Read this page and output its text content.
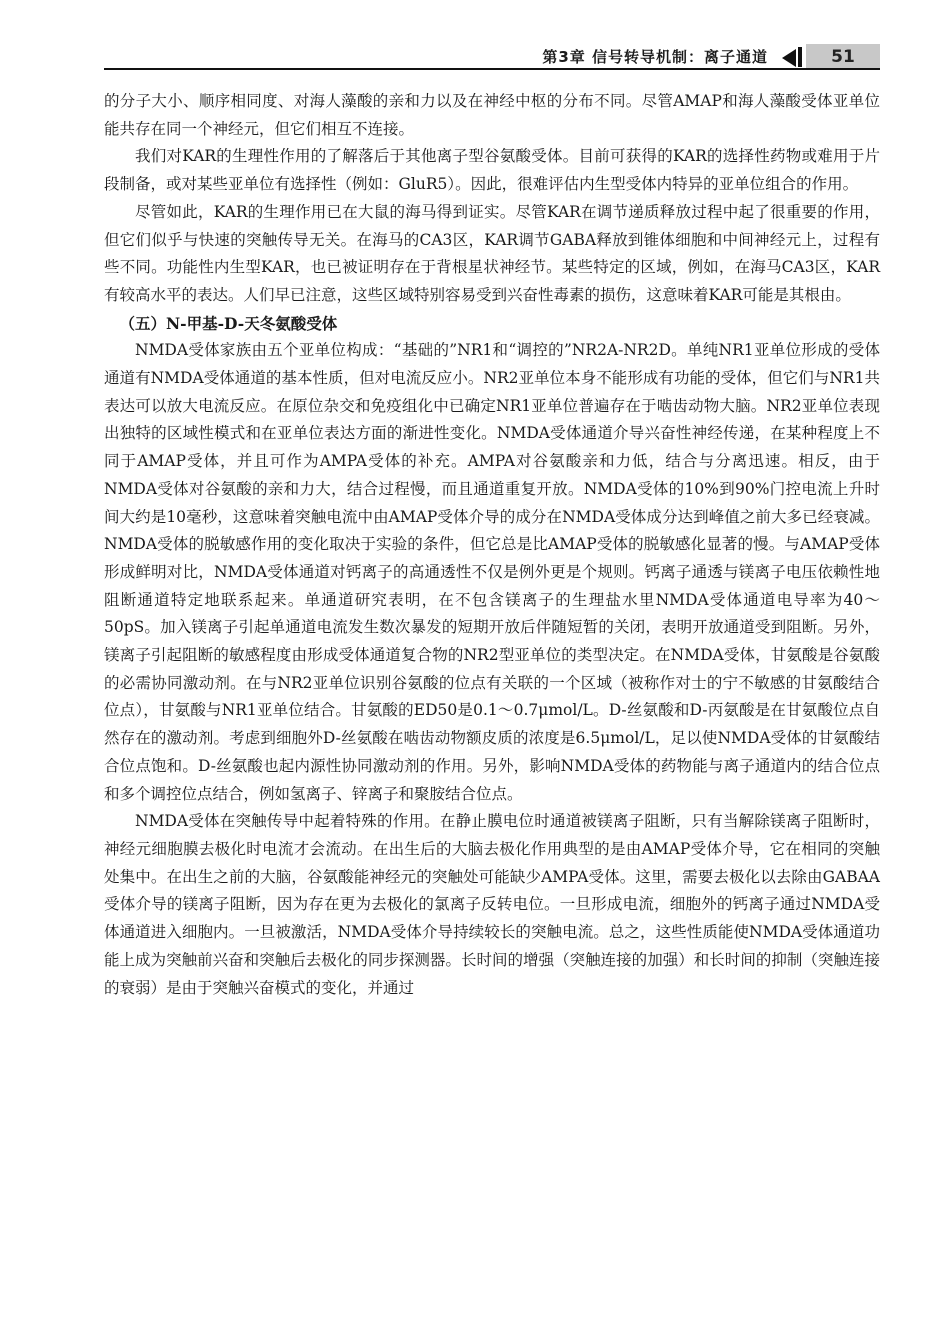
第3章 信号转导机制：离子通道	51

的分子大小、顺序相同度、对海人藻酸的亲和力以及在神经中枢的分布不同。尽管AMAP和海人藻酸受体亚单位能共存在同一个神经元，但它们相互不连接。

我们对KAR的生理性作用的了解落后于其他离子型谷氨酸受体。目前可获得的KAR的选择性药物或难用于片段制备，或对某些亚单位有选择性（例如：GluR5）。因此，很难评估内生型受体内特异的亚单位组合的作用。

尽管如此，KAR的生理作用已在大鼠的海马得到证实。尽管KAR在调节递质释放过程中起了很重要的作用，但它们似乎与快速的突触传导无关。在海马的CA3区，KAR调节GABA释放到锥体细胞和中间神经元上，过程有些不同。功能性内生型KAR，也已被证明存在于背根星状神经节。某些特定的区域，例如，在海马CA3区，KAR有较高水平的表达。人们早已注意，这些区域特别容易受到兴奋性毒素的损伤，这意味着KAR可能是其根由。

（五）N-甲基-D-天冬氨酸受体

NMDA受体家族由五个亚单位构成：“基础的”NR1和“调控的”NR2A-NR2D。单纯NR1亚单位形成的受体通道有NMDA受体通道的基本性质，但对电流反应小。NR2亚单位本身不能形成有功能的受体，但它们与NR1共表达可以放大电流反应。在原位杂交和免疫组化中已确定NR1亚单位普遍存在于啮齿动物大脑。NR2亚单位表现出独特的区域性模式和在亚单位表达方面的渐进性变化。NMDA受体通道介导兴奋性神经传递，在某种程度上不同于AMAP受体，并且可作为AMPA受体的补充。AMPA对谷氨酸亲和力低，结合与分离迅速。相反，由于NMDA受体对谷氨酸的亲和力大，结合过程慢，而且通道重复开放。NMDA受体的10%到90%门控电流上升时间大约是10毫秒，这意味着突触电流中由AMAP受体介导的成分在NMDA受体成分达到峰值之前大多已经衰减。NMDA受体的脱敏感作用的变化取决于实验的条件，但它总是比AMAP受体的脱敏感化显著的慢。与AMAP受体形成鲜明对比，NMDA受体通道对钙离子的高通透性不仅是例外更是个规则。钙离子通透与镁离子电压依赖性地阻断通道特定地联系起来。单通道研究表明，在不包含镁离子的生理盐水里NMDA受体通道电导率为40～50pS。加入镁离子引起单通道电流发生数次暴发的短期开放后伴随短暂的关闭，表明开放通道受到阻断。另外，镁离子引起阻断的敏感程度由形成受体通道复合物的NR2型亚单位的类型决定。在NMDA受体，甘氨酸是谷氨酸的必需协同激动剂。在与NR2亚单位识别谷氨酸的位点有关联的一个区域（被称作对士的宁不敏感的甘氨酸结合位点），甘氨酸与NR1亚单位结合。甘氨酸的ED50是0.1～0.7μmol/L。D-丝氨酸和D-丙氨酸是在甘氨酸位点自然存在的激动剂。考虑到细胞外D-丝氨酸在啮齿动物额皮质的浓度是6.5μmol/L，足以使NMDA受体的甘氨酸结合位点饱和。D-丝氨酸也起内源性协同激动剂的作用。另外，影响NMDA受体的药物能与离子通道内的结合位点和多个调控位点结合，例如氢离子、锌离子和聚胺结合位点。

NMDA受体在突触传导中起着特殊的作用。在静止膜电位时通道被镁离子阻断，只有当解除镁离子阻断时，神经元细胞膜去极化时电流才会流动。在出生后的大脑去极化作用典型的是由AMAP受体介导，它在相同的突触处集中。在出生之前的大脑，谷氨酸能神经元的突触处可能缺少AMPA受体。这里，需要去极化以去除由GABAA受体介导的镁离子阻断，因为存在更为去极化的氯离子反转电位。一旦形成电流，细胞外的钙离子通过NMDA受体通道进入细胞内。一旦被激活，NMDA受体介导持续较长的突触电流。总之，这些性质能使NMDA受体通道功能上成为突触前兴奋和突触后去极化的同步探测器。长时间的增强（突触连接的加强）和长时间的抑制（突触连接的衰弱）是由于突触兴奋模式的变化，并通过
